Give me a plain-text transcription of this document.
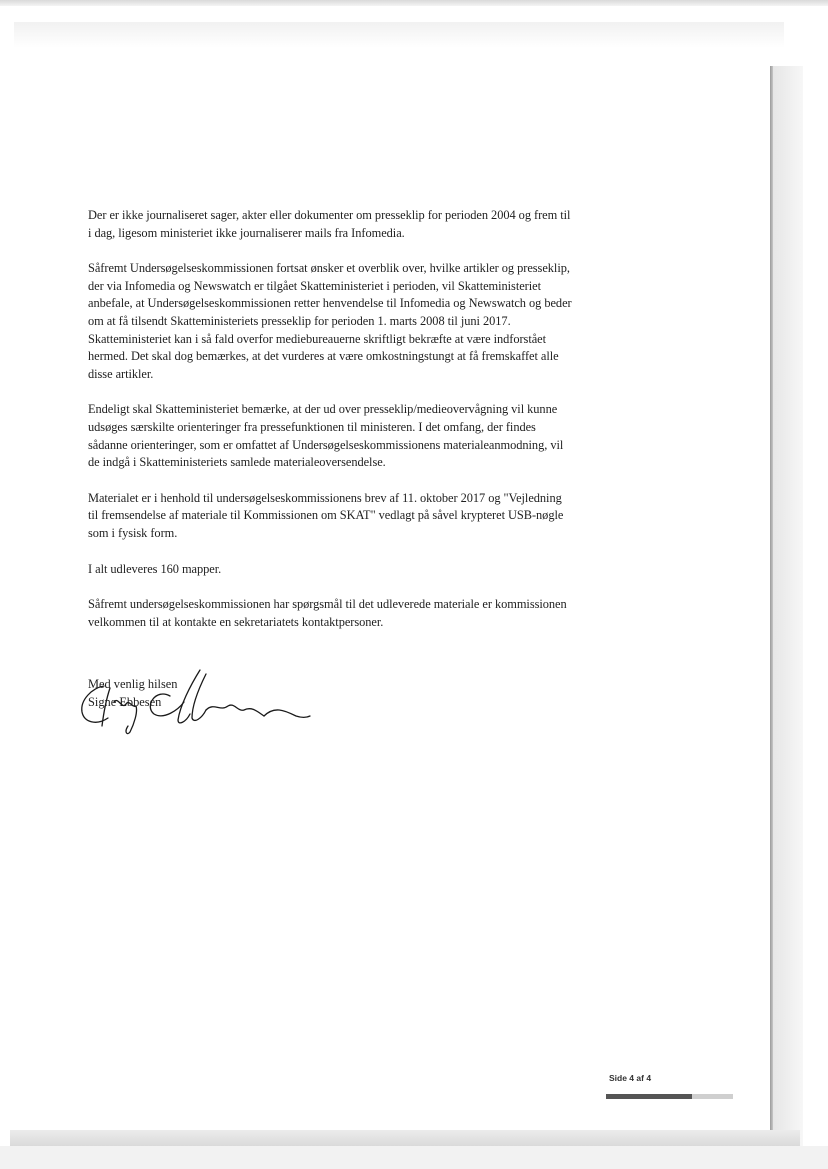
Der er ikke journaliseret sager, akter eller dokumenter om presseklip for perioden 2004 og frem til i dag, ligesom ministeriet ikke journaliserer mails fra Infomedia.

Såfremt Undersøgelseskommissionen fortsat ønsker et overblik over, hvilke artikler og presseklip, der via Infomedia og Newswatch er tilgået Skatteministeriet i perioden, vil Skatteministeriet anbefale, at Undersøgelseskommissionen retter henvendelse til Infomedia og Newswatch og beder om at få tilsendt Skatteministeriets presseklip for perioden 1. marts 2008 til juni 2017. Skatteministeriet kan i så fald overfor mediebureauerne skriftligt bekræfte at være indforstået hermed. Det skal dog bemærkes, at det vurderes at være omkostningstungt at få fremskaffet alle disse artikler.

Endeligt skal Skatteministeriet bemærke, at der ud over presseklip/medieovervågning vil kunne udsøges særskilte orienteringer fra pressefunktionen til ministeren. I det omfang, der findes sådanne orienteringer, som er omfattet af Undersøgelseskommissionens materialeanmodning, vil de indgå i Skatteministeriets samlede materialeoversendelse.

Materialet er i henhold til undersøgelseskommissionens brev af 11. oktober 2017 og "Vejledning til fremsendelse af materiale til Kommissionen om SKAT" vedlagt på såvel krypteret USB-nøgle som i fysisk form.

I alt udleveres 160 mapper.

Såfremt undersøgelseskommissionen har spørgsmål til det udleverede materiale er kommissionen velkommen til at kontakte en sekretariatets kontaktpersoner.

Med venlig hilsen
Signe Ebbesen
Side 4 af 4
